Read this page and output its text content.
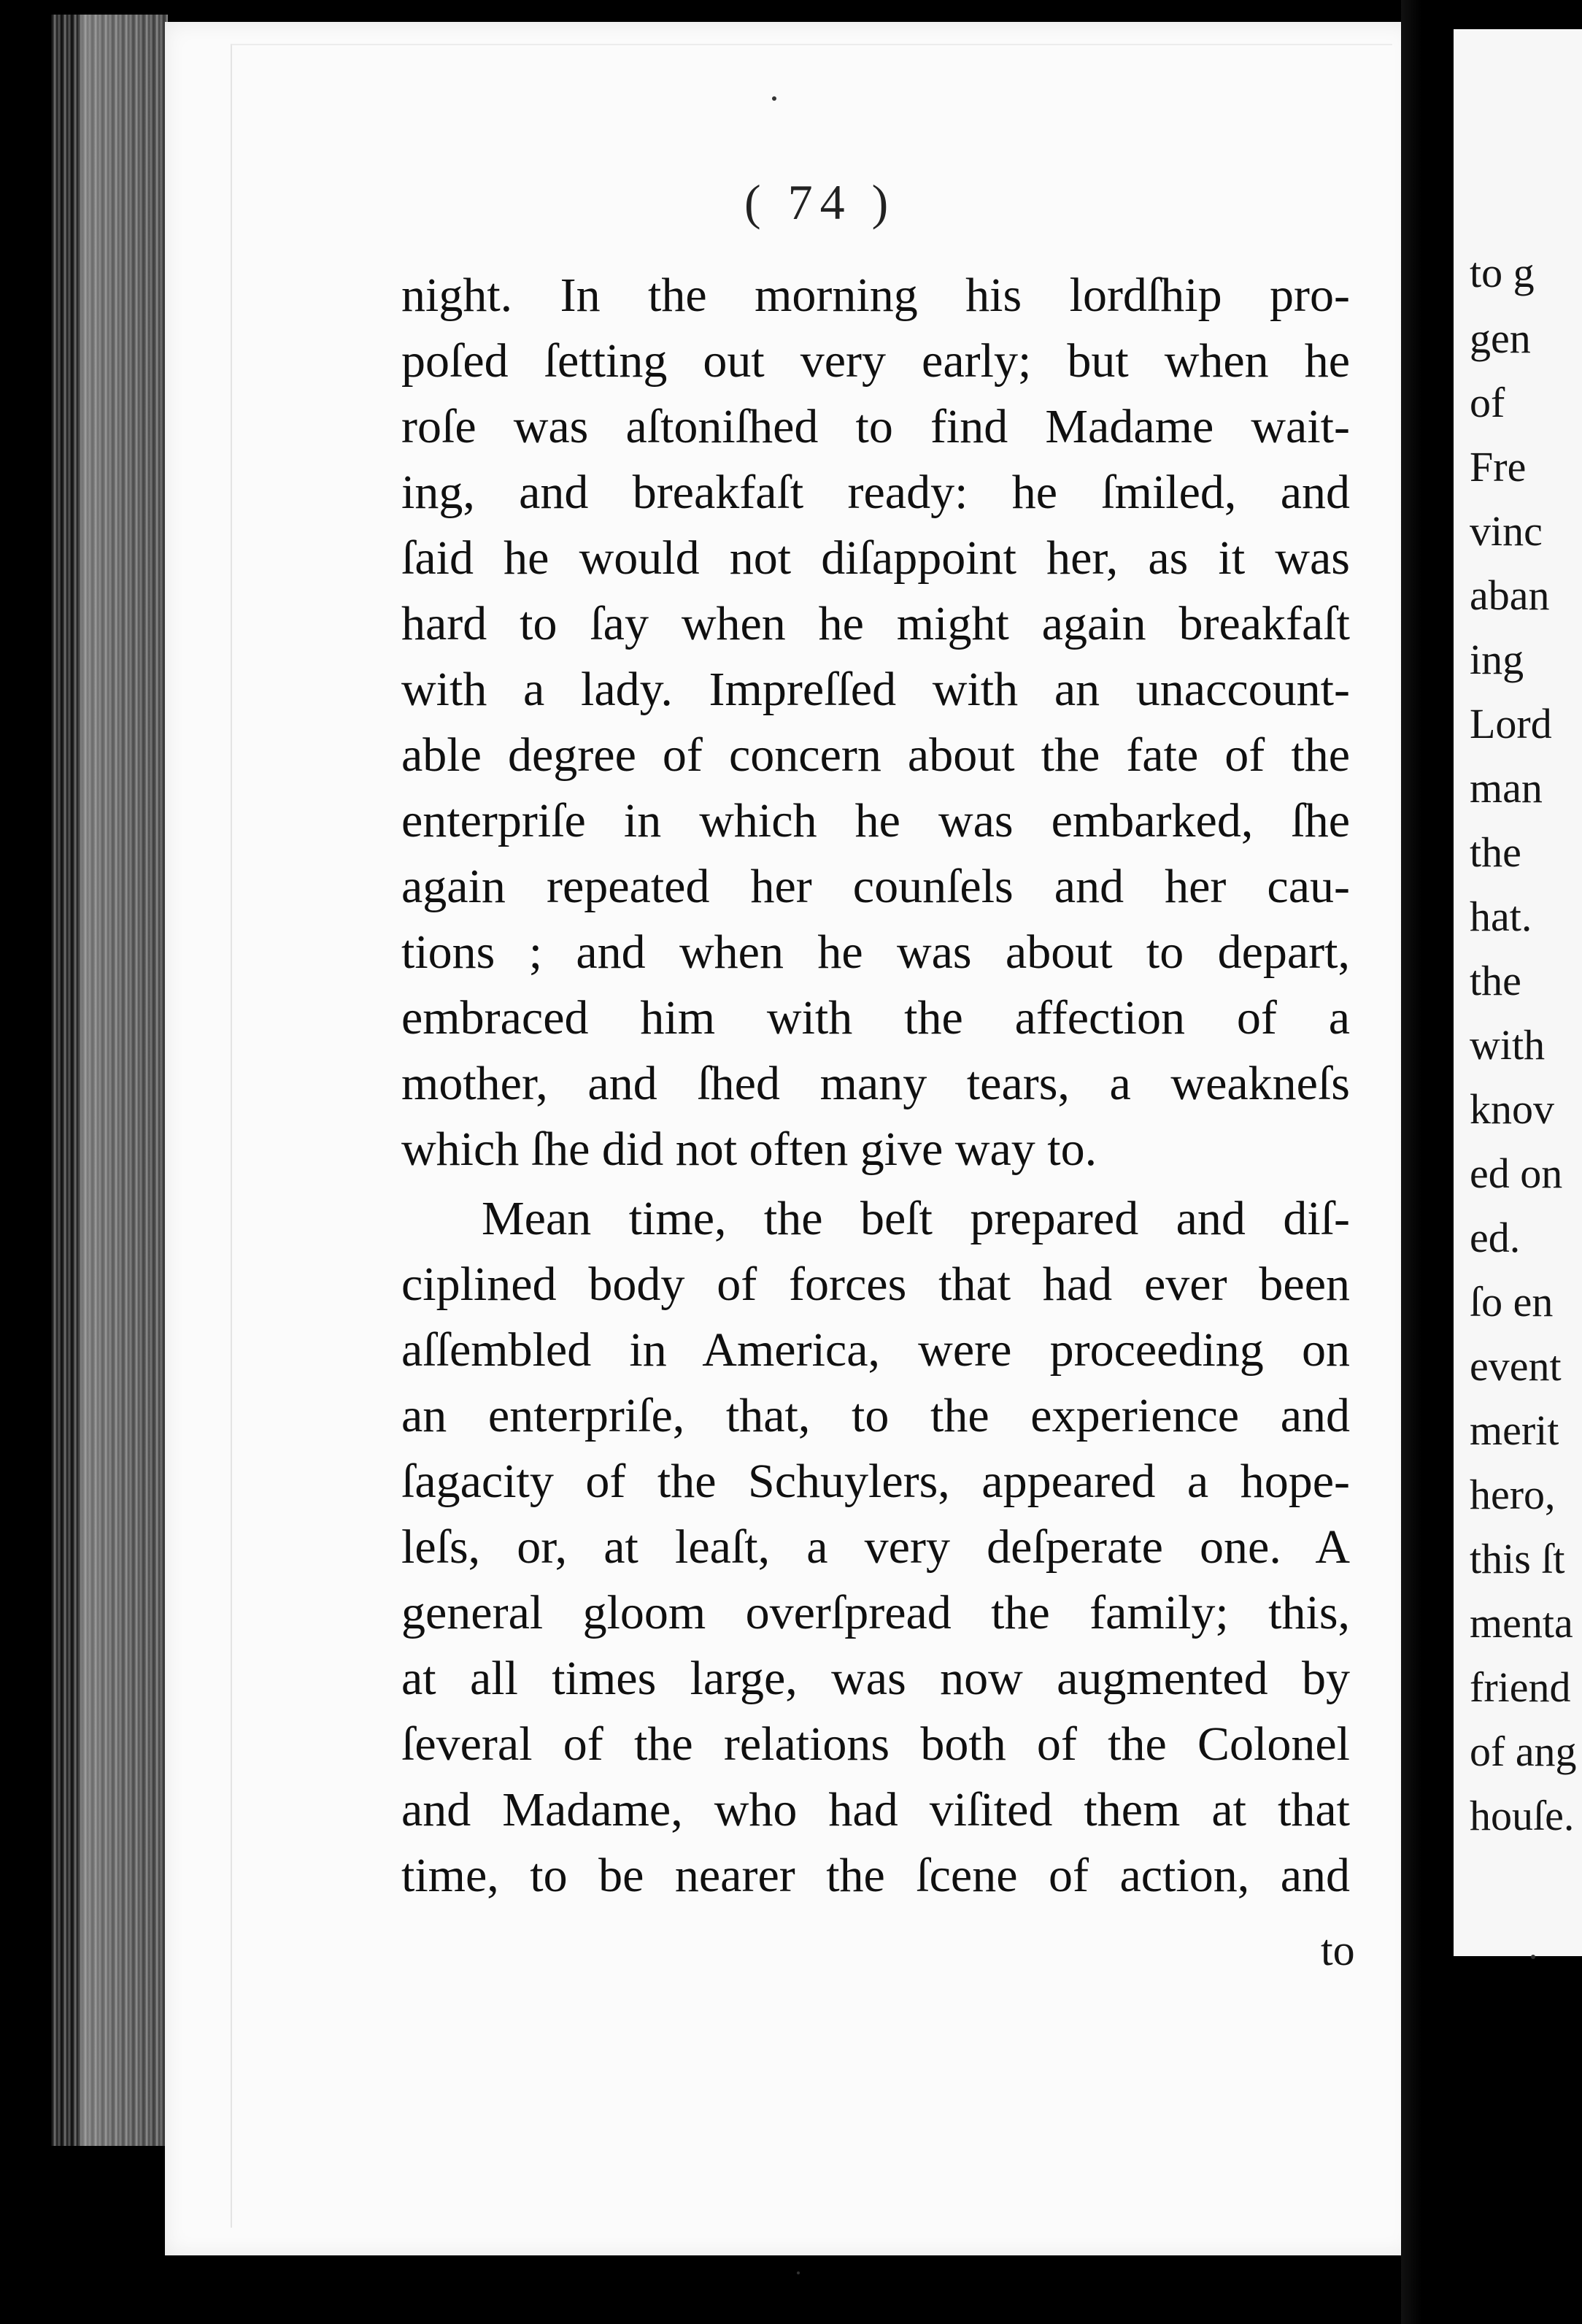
( 74 )
night. In the morning his lordſhip pro-
poſed ſetting out very early; but when he
roſe was aſtoniſhed to find Madame wait-
ing, and breakfaſt ready: he ſmiled, and
ſaid he would not diſappoint her, as it was
hard to ſay when he might again breakfaſt
with a lady. Impreſſed with an unaccount-
able degree of concern about the fate of the
enterpriſe in which he was embarked, ſhe
again repeated her counſels and her cau-
tions ; and when he was about to depart,
embraced him with the affection of a
mother, and ſhed many tears, a weakneſs
which ſhe did not often give way to.
Mean time, the beſt prepared and diſ-
ciplined body of forces that had ever been
aſſembled in America, were proceeding on
an enterpriſe, that, to the experience and
ſagacity of the Schuylers, appeared a hope-
leſs, or, at leaſt, a very deſperate one. A
general gloom overſpread the family; this,
at all times large, was now augmented by
ſeveral of the relations both of the Colonel
and Madame, who had viſited them at that
time, to be nearer the ſcene of action, and
to
to g
gen
of
Fre
vinc
aban
ing
Lord
man
the
hat.
the
with
knov
ed on
ed.
ſo en
event
merit
hero,
this ſt
menta
friend
of ang
houſe.
